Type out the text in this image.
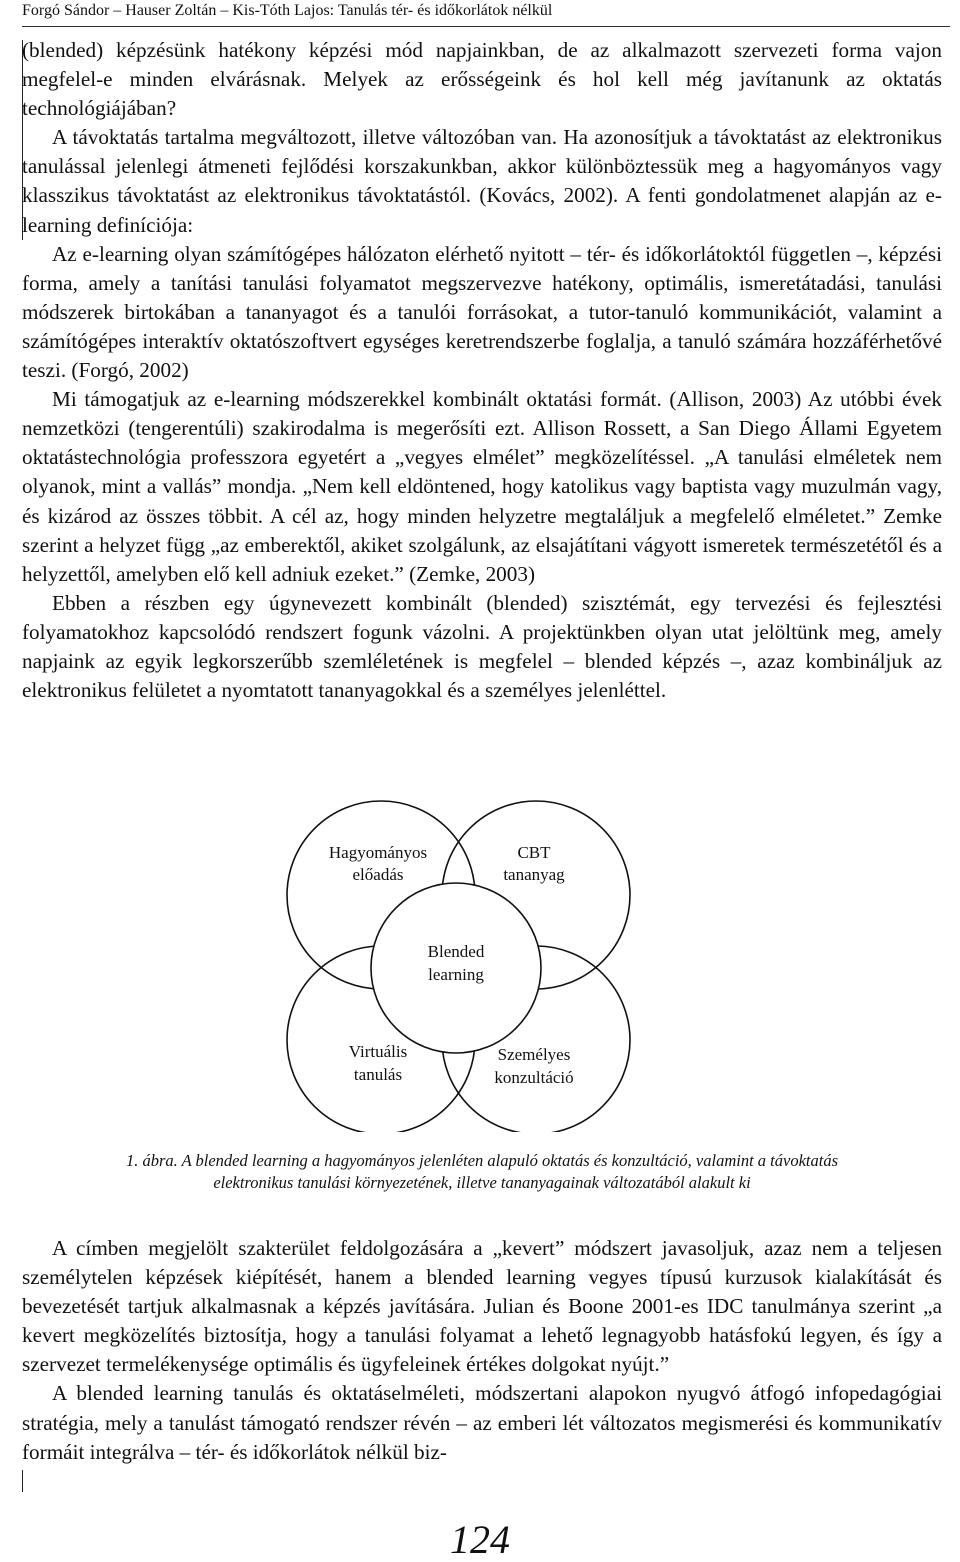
Forgó Sándor – Hauser Zoltán – Kis-Tóth Lajos: Tanulás tér- és időkorlátok nélkül

(blended) képzésünk hatékony képzési mód napjainkban, de az alkalmazott szervezeti forma vajon megfelel-e minden elvárásnak. Melyek az erősségeink és hol kell még javítanunk az oktatás technológiájában?

A távoktatás tartalma megváltozott, illetve változóban van. Ha azonosítjuk a távoktatást az elektronikus tanulással jelenlegi átmeneti fejlődési korszakunkban, akkor különböztessük meg a hagyományos vagy klasszikus távoktatást az elektronikus távoktatástól. (Kovács, 2002). A fenti gondolatmenet alapján az e-learning definíciója:

Az e-learning olyan számítógépes hálózaton elérhető nyitott – tér- és időkorlátoktól független –, képzési forma, amely a tanítási tanulási folyamatot megszervezve hatékony, optimális, ismeretátadási, tanulási módszerek birtokában a tananyagot és a tanulói forrásokat, a tutor-tanuló kommunikációt, valamint a számítógépes interaktív oktatószoftvert egységes keretrendszerbe foglalja, a tanuló számára hozzáférhetővé teszi. (Forgó, 2002)

Mi támogatjuk az e-learning módszerekkel kombinált oktatási formát. (Allison, 2003) Az utóbbi évek nemzetközi (tengerentúli) szakirodalma is megerősíti ezt. Allison Rossett, a San Diego Állami Egyetem oktatástechnológia professzora egyetért a „vegyes elmélet” megközelítéssel. „A tanulási elméletek nem olyanok, mint a vallás” mondja. „Nem kell eldöntened, hogy katolikus vagy baptista vagy muzulmán vagy, és kizárod az összes többit. A cél az, hogy minden helyzetre megtaláljuk a megfelelő elméletet.” Zemke szerint a helyzet függ „az emberektől, akiket szolgálunk, az elsajátítani vágyott ismeretek természetétől és a helyzettől, amelyben elő kell adniuk ezeket.” (Zemke, 2003)

Ebben a részben egy úgynevezett kombinált (blended) szisztémát, egy tervezési és fejlesztési folyamatokhoz kapcsolódó rendszert fogunk vázolni. A projektünkben olyan utat jelöltünk meg, amely napjaink az egyik legkorszerűbb szemléletének is megfelel – blended képzés –, azaz kombináljuk az elektronikus felületet a nyomtatott tananyagokkal és a személyes jelenléttel.

Hagyományos
előadás
CBT
tananyag
Blended
learning
Virtuális
tanulás
Személyes
konzultáció
1. ábra. A blended learning a hagyományos jelenléten alapuló oktatás és konzultáció, valamint a távoktatás
elektronikus tanulási környezetének, illetve tananyagainak változatából alakult ki

A címben megjelölt szakterület feldolgozására a „kevert” módszert javasoljuk, azaz nem a teljesen személytelen képzések kiépítését, hanem a blended learning vegyes típusú kurzusok kialakítását és bevezetését tartjuk alkalmasnak a képzés javítására. Julian és Boone 2001-es IDC tanulmánya szerint „a kevert megközelítés biztosítja, hogy a tanulási folyamat a lehető legnagyobb hatásfokú legyen, és így a szervezet termelékenysége optimális és ügyfeleinek értékes dolgokat nyújt.”

A blended learning tanulás és oktatáselméleti, módszertani alapokon nyugvó átfogó infopedagógiai stratégia, mely a tanulást támogató rendszer révén – az emberi lét változatos megismerési és kommunikatív formáit integrálva – tér- és időkorlátok nélkül biz-

124
